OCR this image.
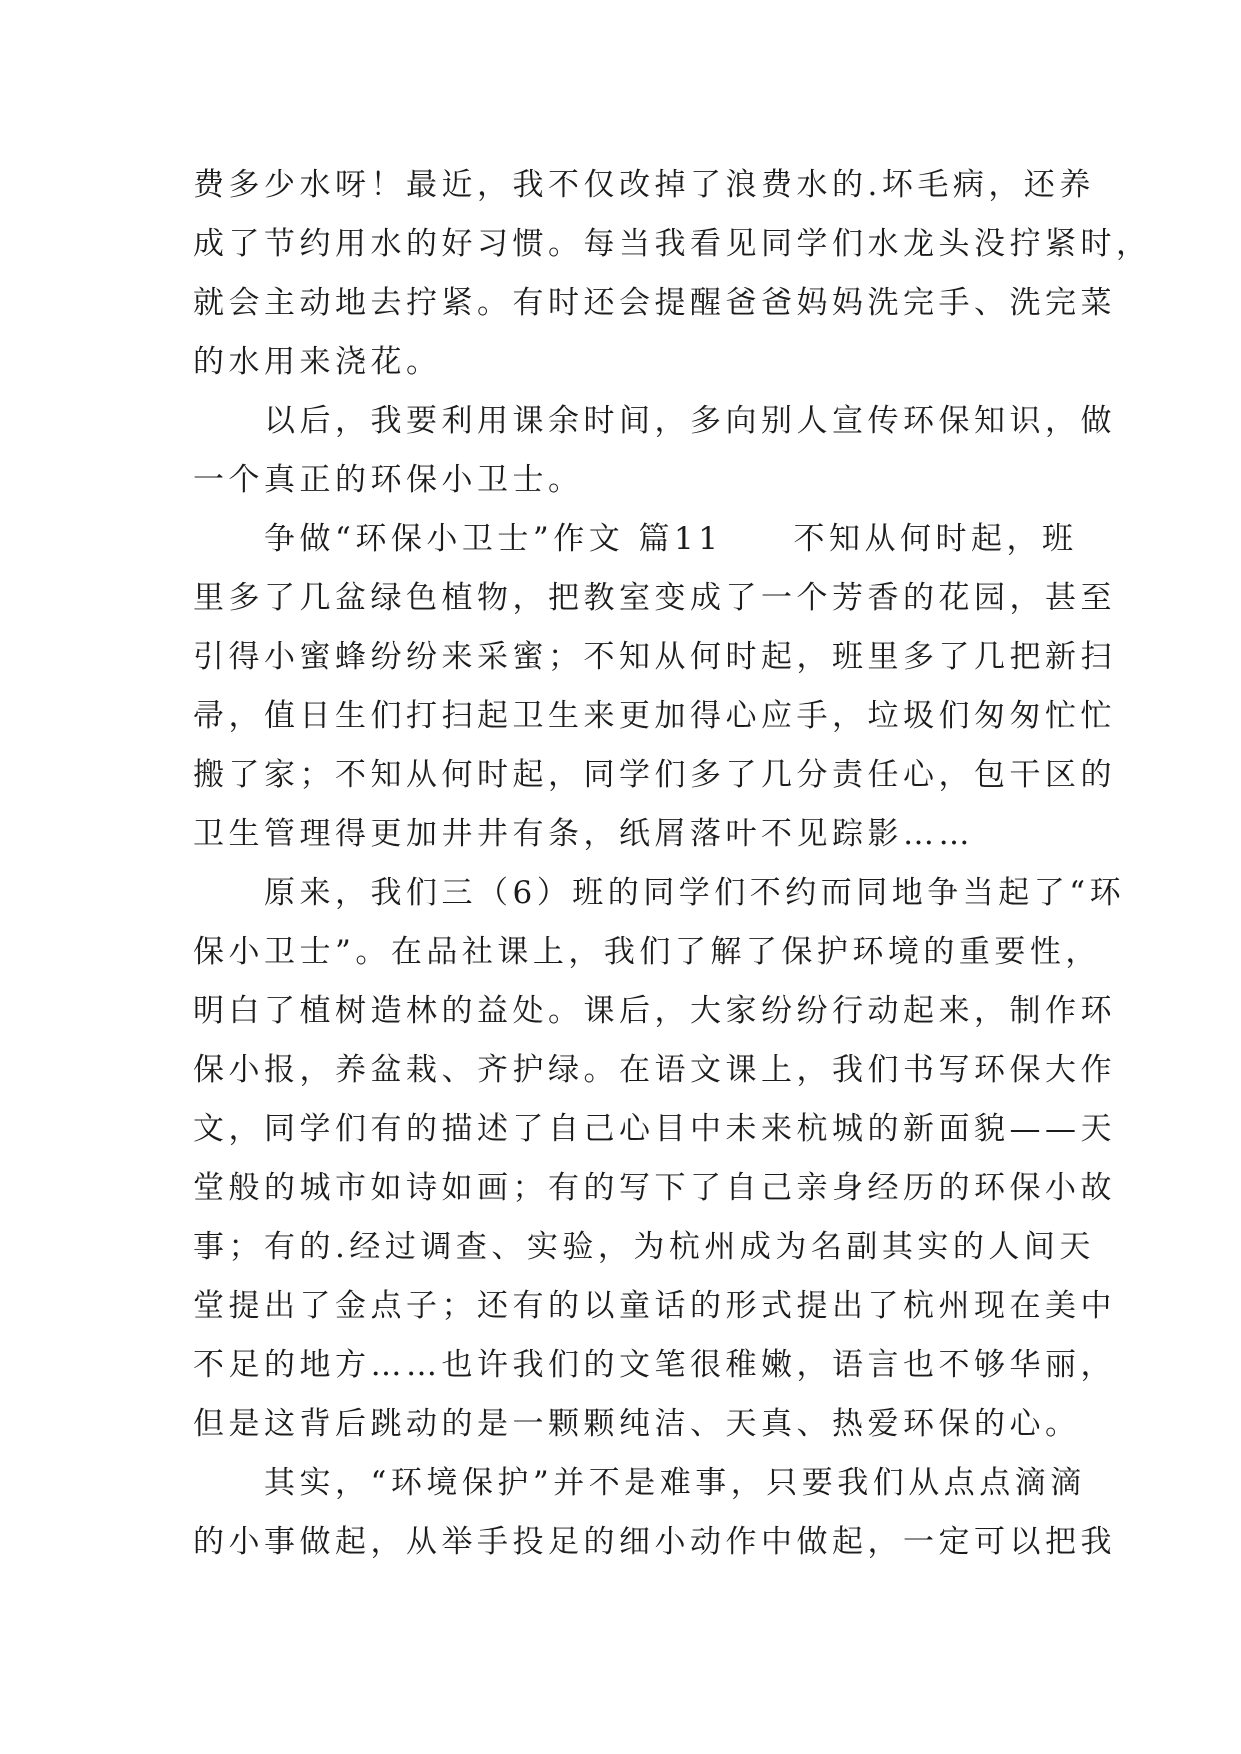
费多少水呀！最近，我不仅改掉了浪费水的.坏毛病，还养
成了节约用水的好习惯。每当我看见同学们水龙头没拧紧时，
就会主动地去拧紧。有时还会提醒爸爸妈妈洗完手、洗完菜
的水用来浇花。
　　以后，我要利用课余时间，多向别人宣传环保知识，做
一个真正的环保小卫士。
　　争做“环保小卫士”作文 篇11　　不知从何时起，班
里多了几盆绿色植物，把教室变成了一个芳香的花园，甚至
引得小蜜蜂纷纷来采蜜；不知从何时起，班里多了几把新扫
帚，值日生们打扫起卫生来更加得心应手，垃圾们匆匆忙忙
搬了家；不知从何时起，同学们多了几分责任心，包干区的
卫生管理得更加井井有条，纸屑落叶不见踪影……
　　原来，我们三（6）班的同学们不约而同地争当起了“环
保小卫士”。在品社课上，我们了解了保护环境的重要性，
明白了植树造林的益处。课后，大家纷纷行动起来，制作环
保小报，养盆栽、齐护绿。在语文课上，我们书写环保大作
文，同学们有的描述了自己心目中未来杭城的新面貌——天
堂般的城市如诗如画；有的写下了自己亲身经历的环保小故
事；有的.经过调查、实验，为杭州成为名副其实的人间天
堂提出了金点子；还有的以童话的形式提出了杭州现在美中
不足的地方……也许我们的文笔很稚嫩，语言也不够华丽，
但是这背后跳动的是一颗颗纯洁、天真、热爱环保的心。
　　其实，“环境保护”并不是难事，只要我们从点点滴滴
的小事做起，从举手投足的细小动作中做起，一定可以把我
